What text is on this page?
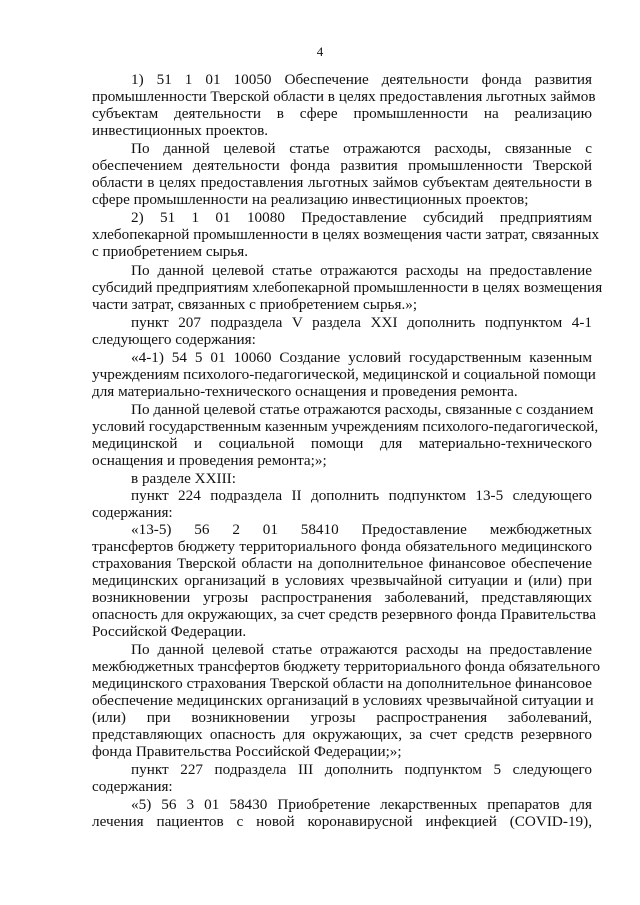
4
1) 51 1 01 10050 Обеспечение деятельности фонда развития
промышленности Тверской области в целях предоставления льготных займов
субъектам деятельности в сфере промышленности на реализацию
инвестиционных проектов.
По данной целевой статье отражаются расходы, связанные с
обеспечением деятельности фонда развития промышленности Тверской
области в целях предоставления льготных займов субъектам деятельности в
сфере промышленности на реализацию инвестиционных проектов;
2) 51 1 01 10080 Предоставление субсидий предприятиям
хлебопекарной промышленности в целях возмещения части затрат, связанных
с приобретением сырья.
По данной целевой статье отражаются расходы на предоставление
субсидий предприятиям хлебопекарной промышленности в целях возмещения
части затрат, связанных с приобретением сырья.»;
пункт 207 подраздела V раздела XXI дополнить подпунктом 4-1
следующего содержания:
«4-1) 54 5 01 10060 Создание условий государственным казенным
учреждениям психолого-педагогической, медицинской и социальной помощи
для материально-технического оснащения и проведения ремонта.
По данной целевой статье отражаются расходы, связанные с созданием
условий государственным казенным учреждениям психолого-педагогической,
медицинской и социальной помощи для материально-технического
оснащения и проведения ремонта;»;
в разделе XXIII:
пункт 224 подраздела II дополнить подпунктом 13-5 следующего
содержания:
«13-5) 56 2 01 58410 Предоставление межбюджетных
трансфертов бюджету территориального фонда обязательного медицинского
страхования Тверской области на дополнительное финансовое обеспечение
медицинских организаций в условиях чрезвычайной ситуации и (или) при
возникновении угрозы распространения заболеваний, представляющих
опасность для окружающих, за счет средств резервного фонда Правительства
Российской Федерации.
По данной целевой статье отражаются расходы на предоставление
межбюджетных трансфертов бюджету территориального фонда обязательного
медицинского страхования Тверской области на дополнительное финансовое
обеспечение медицинских организаций в условиях чрезвычайной ситуации и
(или) при возникновении угрозы распространения заболеваний,
представляющих опасность для окружающих, за счет средств резервного
фонда Правительства Российской Федерации;»;
пункт 227 подраздела III дополнить подпунктом 5 следующего
содержания:
«5) 56 3 01 58430 Приобретение лекарственных препаратов для
лечения пациентов с новой коронавирусной инфекцией (COVID-19),
